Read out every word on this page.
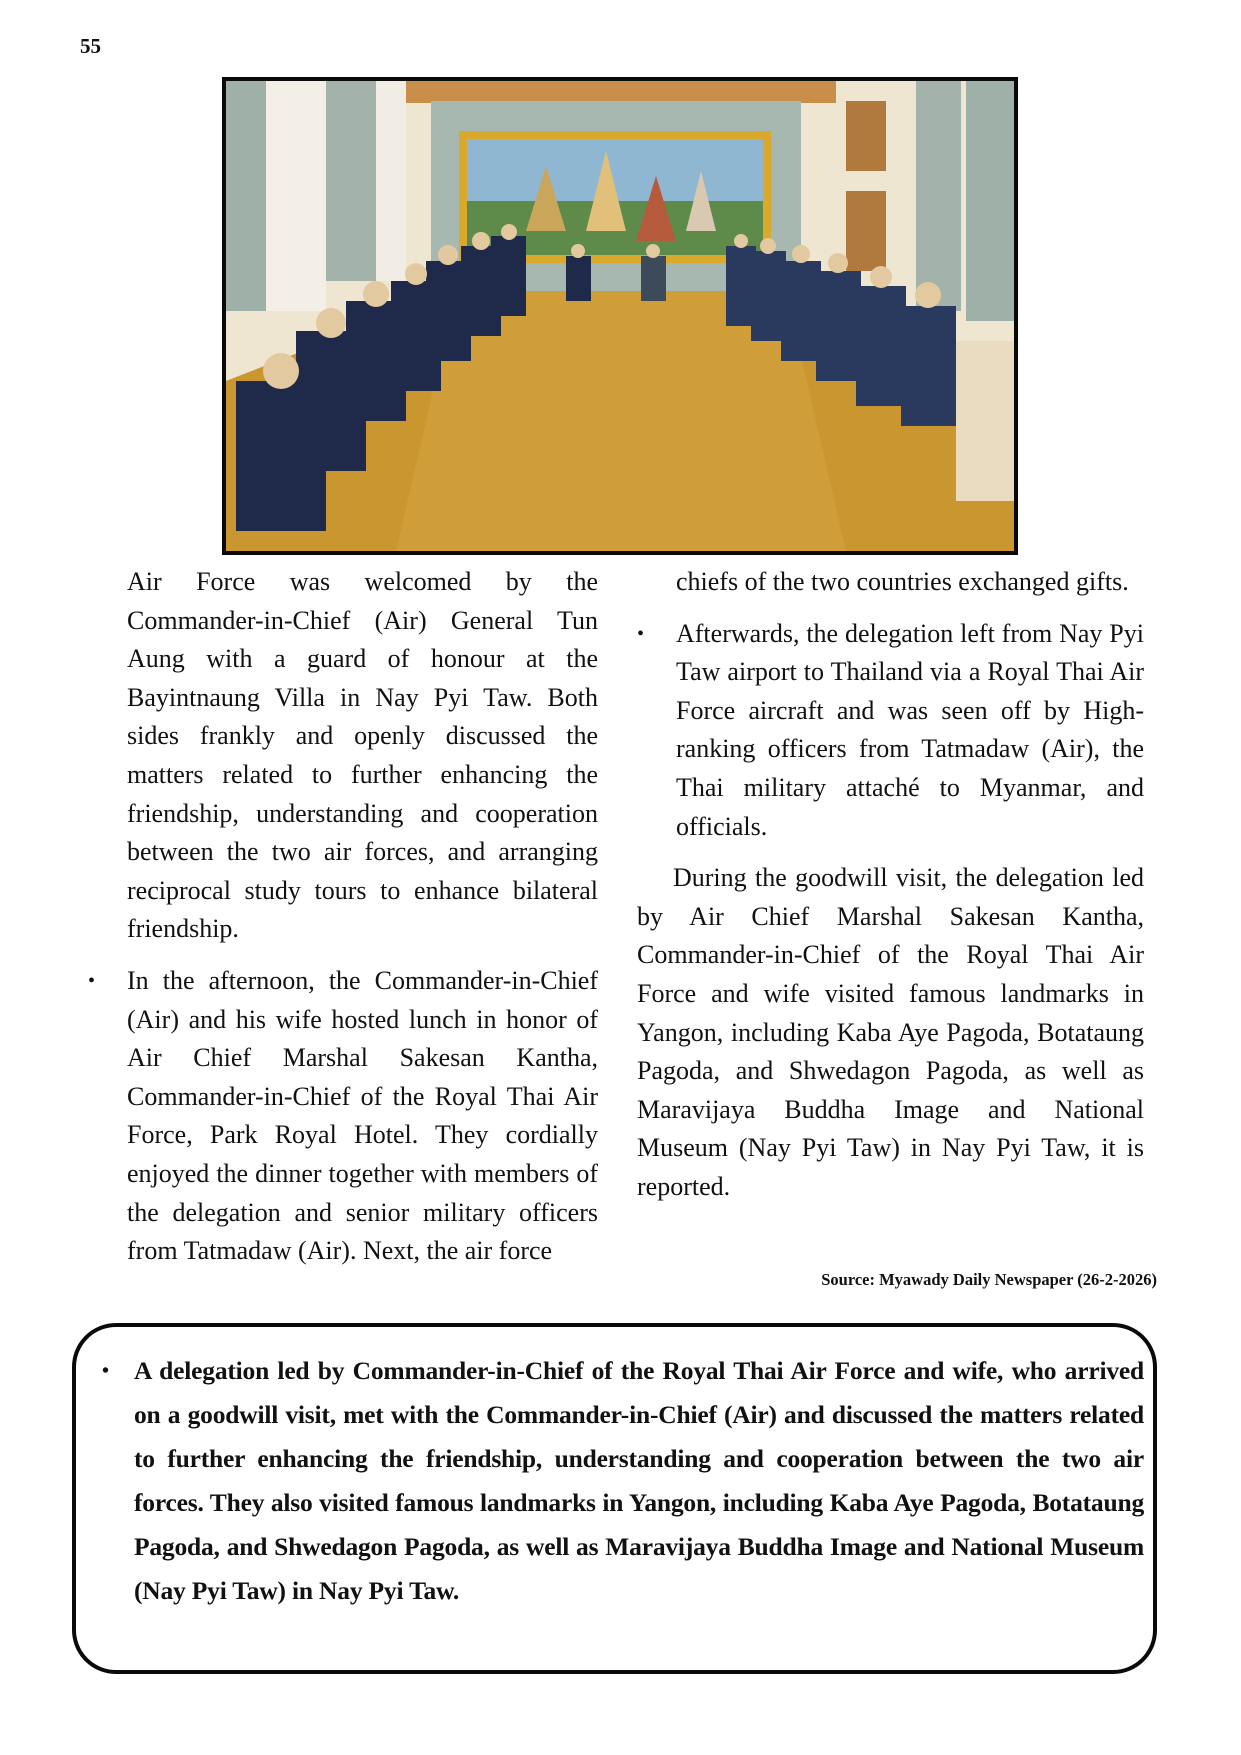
55

Air Force was welcomed by the Commander-in-Chief (Air) General Tun Aung with a guard of honour at the Bayintnaung Villa in Nay Pyi Taw. Both sides frankly and openly discussed the matters related to further enhancing the friendship, understanding and cooperation between the two air forces, and arranging reciprocal study tours to enhance bilateral friendship.

•	In the afternoon, the Commander-in-Chief (Air) and his wife hosted lunch in honor of Air Chief Marshal Sakesan Kantha, Commander-in-Chief of the Royal Thai Air Force, Park Royal Hotel. They cordially enjoyed the dinner together with members of the delegation and senior military officers from Tatmadaw (Air). Next, the air force

chiefs of the two countries exchanged gifts.

•	Afterwards, the delegation left from Nay Pyi Taw airport to Thailand via a Royal Thai Air Force aircraft and was seen off by High-ranking officers from Tatmadaw (Air), the Thai military attaché to Myanmar, and officials.

During the goodwill visit, the delegation led by Air Chief Marshal Sakesan Kantha, Commander-in-Chief of the Royal Thai Air Force and wife visited famous landmarks in Yangon, including Kaba Aye Pagoda, Botataung Pagoda, and Shwedagon Pagoda, as well as Maravijaya Buddha Image and National Museum (Nay Pyi Taw) in Nay Pyi Taw, it is reported.

Source: Myawady Daily Newspaper (26-2-2026)
• A delegation led by Commander-in-Chief of the Royal Thai Air Force and wife, who arrived on a goodwill visit, met with the Commander-in-Chief (Air) and discussed the matters related to further enhancing the friendship, understanding and cooperation between the two air forces. They also visited famous landmarks in Yangon, including Kaba Aye Pagoda, Botataung Pagoda, and Shwedagon Pagoda, as well as Maravijaya Buddha Image and National Museum (Nay Pyi Taw) in Nay Pyi Taw.
